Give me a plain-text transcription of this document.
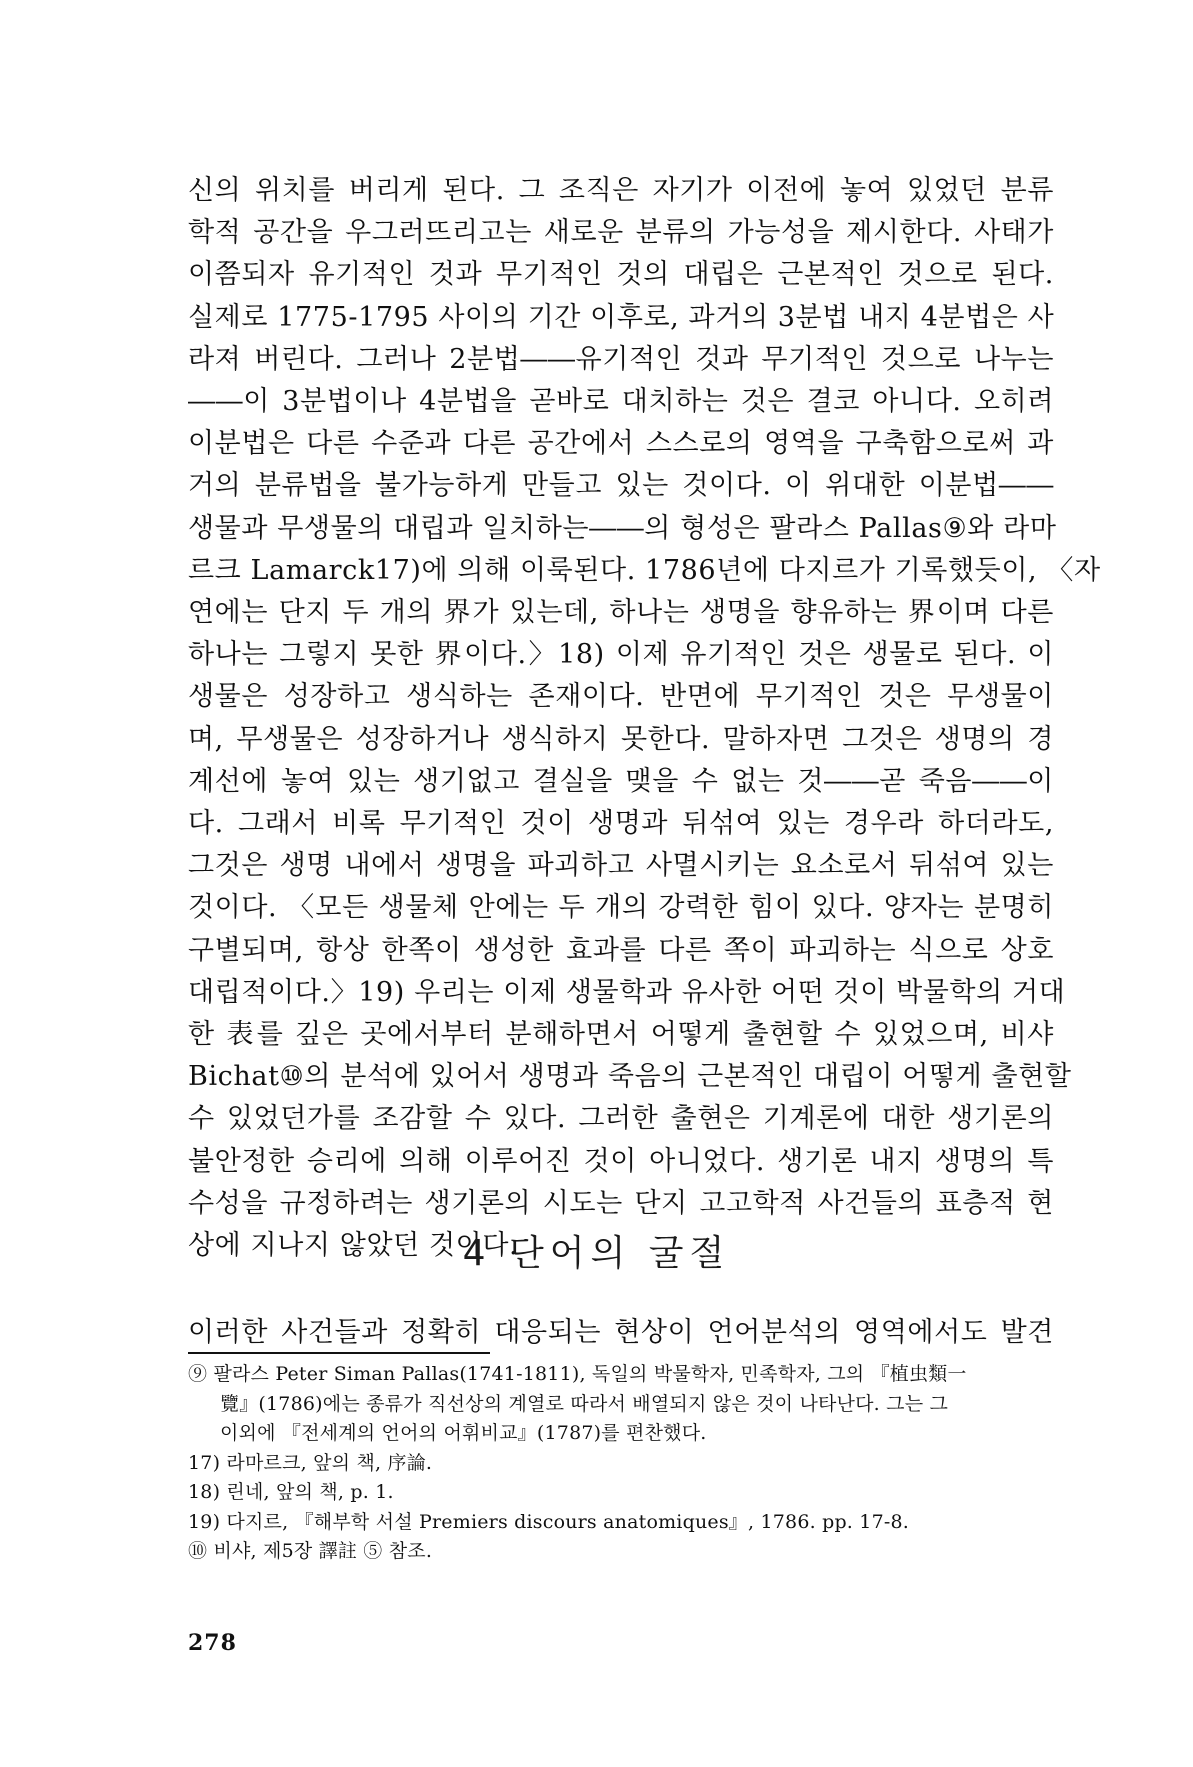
신의 위치를 버리게 된다. 그 조직은 자기가 이전에 놓여 있었던 분류
학적 공간을 우그러뜨리고는 새로운 분류의 가능성을 제시한다. 사태가
이쯤되자 유기적인 것과 무기적인 것의 대립은 근본적인 것으로 된다.
실제로 1775-1795 사이의 기간 이후로, 과거의 3분법 내지 4분법은 사
라져 버린다. 그러나 2분법――유기적인 것과 무기적인 것으로 나누는
――이 3분법이나 4분법을 곧바로 대치하는 것은 결코 아니다. 오히려
이분법은 다른 수준과 다른 공간에서 스스로의 영역을 구축함으로써 과
거의 분류법을 불가능하게 만들고 있는 것이다. 이 위대한 이분법――
생물과 무생물의 대립과 일치하는――의 형성은 팔라스 Pallas⑨와 라마
르크 Lamarck17)에 의해 이룩된다. 1786년에 다지르가 기록했듯이, 〈자
연에는 단지 두 개의 界가 있는데, 하나는 생명을 향유하는 界이며 다른
하나는 그렇지 못한 界이다.〉18) 이제 유기적인 것은 생물로 된다. 이
생물은 성장하고 생식하는 존재이다. 반면에 무기적인 것은 무생물이
며, 무생물은 성장하거나 생식하지 못한다. 말하자면 그것은 생명의 경
계선에 놓여 있는 생기없고 결실을 맺을 수 없는 것――곧 죽음――이
다. 그래서 비록 무기적인 것이 생명과 뒤섞여 있는 경우라 하더라도,
그것은 생명 내에서 생명을 파괴하고 사멸시키는 요소로서 뒤섞여 있는
것이다. 〈모든 생물체 안에는 두 개의 강력한 힘이 있다. 양자는 분명히
구별되며, 항상 한쪽이 생성한 효과를 다른 쪽이 파괴하는 식으로 상호
대립적이다.〉19) 우리는 이제 생물학과 유사한 어떤 것이 박물학의 거대
한 表를 깊은 곳에서부터 분해하면서 어떻게 출현할 수 있었으며, 비샤
Bichat⑩의 분석에 있어서 생명과 죽음의 근본적인 대립이 어떻게 출현할
수 있었던가를 조감할 수 있다. 그러한 출현은 기계론에 대한 생기론의
불안정한 승리에 의해 이루어진 것이 아니었다. 생기론 내지 생명의 특
수성을 규정하려는 생기론의 시도는 단지 고고학적 사건들의 표층적 현
상에 지나지 않았던 것이다.
4 단어의 굴절
이러한 사건들과 정확히 대응되는 현상이 언어분석의 영역에서도 발견
⑨ 팔라스 Peter Siman Pallas(1741-1811), 독일의 박물학자, 민족학자, 그의 『植虫類一
覽』(1786)에는 종류가 직선상의 계열로 따라서 배열되지 않은 것이 나타난다. 그는 그
이외에 『전세계의 언어의 어휘비교』(1787)를 편찬했다.
17) 라마르크, 앞의 책, 序論.
18) 린네, 앞의 책, p. 1.
19) 다지르, 『해부학 서설 Premiers discours anatomiques』, 1786. pp. 17-8.
⑩ 비샤, 제5장 譯註 ⑤ 참조.
278
